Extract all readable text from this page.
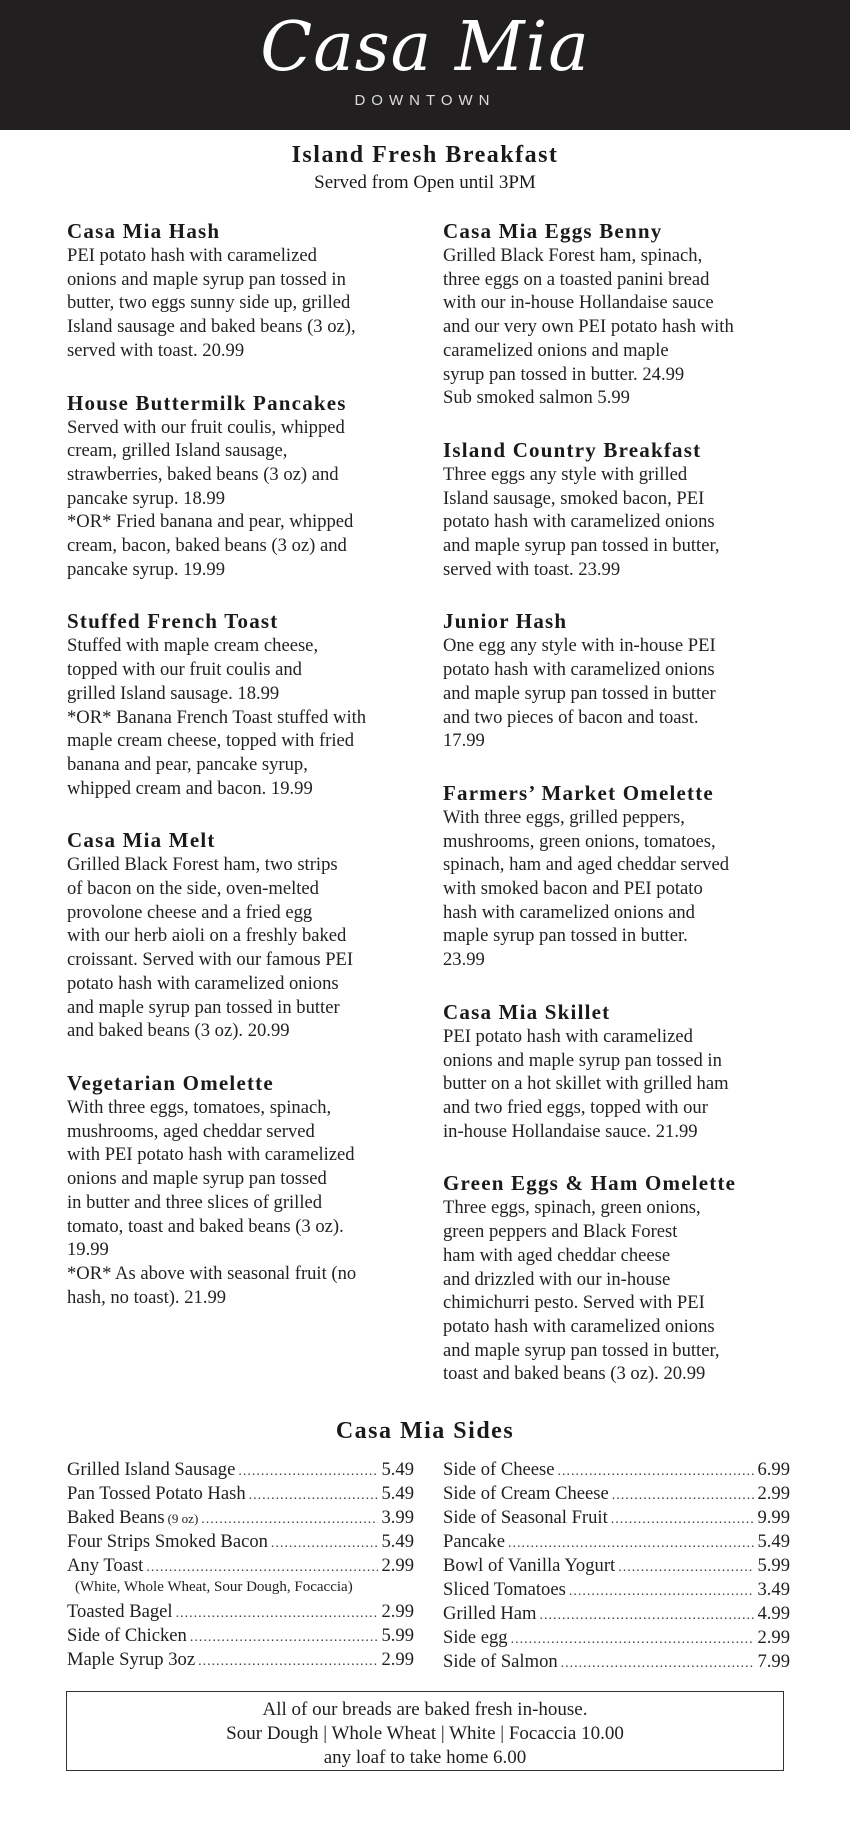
Casa Mia
DOWNTOWN
Island Fresh Breakfast
Served from Open until 3PM
Casa Mia Hash
PEI potato hash with caramelized
onions and maple syrup pan tossed in
butter, two eggs sunny side up, grilled
Island sausage and baked beans (3 oz),
served with toast. 20.99
House Buttermilk Pancakes
Served with our fruit coulis, whipped
cream, grilled Island sausage,
strawberries, baked beans (3 oz) and
pancake syrup. 18.99
*OR* Fried banana and pear, whipped
cream, bacon, baked beans (3 oz) and
pancake syrup. 19.99
Stuffed French Toast
Stuffed with maple cream cheese,
topped with our fruit coulis and
grilled Island sausage. 18.99
*OR* Banana French Toast stuffed with
maple cream cheese, topped with fried
banana and pear, pancake syrup,
whipped cream and bacon. 19.99
Casa Mia Melt
Grilled Black Forest ham, two strips
of bacon on the side, oven-melted
provolone cheese and a fried egg
with our herb aioli on a freshly baked
croissant. Served with our famous PEI
potato hash with caramelized onions
and maple syrup pan tossed in butter
and baked beans (3 oz). 20.99
Vegetarian Omelette
With three eggs, tomatoes, spinach,
mushrooms, aged cheddar served
with PEI potato hash with caramelized
onions and maple syrup pan tossed
in butter and three slices of grilled
tomato, toast and baked beans (3 oz).
19.99
*OR* As above with seasonal fruit (no
hash, no toast). 21.99
Casa Mia Eggs Benny
Grilled Black Forest ham, spinach,
three eggs on a toasted panini bread
with our in-house Hollandaise sauce
and our very own PEI potato hash with
caramelized onions and maple
syrup pan tossed in butter. 24.99
Sub smoked salmon 5.99
Island Country Breakfast
Three eggs any style with grilled
Island sausage, smoked bacon, PEI
potato hash with caramelized onions
and maple syrup pan tossed in butter,
served with toast. 23.99
Junior Hash
One egg any style with in-house PEI
potato hash with caramelized onions
and maple syrup pan tossed in butter
and two pieces of bacon and toast.
17.99
Farmers’ Market Omelette
With three eggs, grilled peppers,
mushrooms, green onions, tomatoes,
spinach, ham and aged cheddar served
with smoked bacon and PEI potato
hash with caramelized onions and
maple syrup pan tossed in butter.
23.99
Casa Mia Skillet
PEI potato hash with caramelized
onions and maple syrup pan tossed in
butter on a hot skillet with grilled ham
and two fried eggs, topped with our
in-house Hollandaise sauce. 21.99
Green Eggs & Ham Omelette
Three eggs, spinach, green onions,
green peppers and Black Forest
ham with aged cheddar cheese
and drizzled with our in-house
chimichurri pesto. Served with PEI
potato hash with caramelized onions
and maple syrup pan tossed in butter,
toast and baked beans (3 oz). 20.99
Casa Mia Sides
Grilled Island Sausage .....	5.49
Pan Tossed Potato Hash .....	5.49
Baked Beans (9 oz) .....	3.99
Four Strips Smoked Bacon .....	5.49
Any Toast .....	2.99
(White, Whole Wheat, Sour Dough, Focaccia)
Toasted Bagel .....	2.99
Side of Chicken .....	5.99
Maple Syrup 3oz .....	2.99
Side of Cheese .....	6.99
Side of Cream Cheese .....	2.99
Side of Seasonal Fruit .....	9.99
Pancake .....	5.49
Bowl of Vanilla Yogurt .....	5.99
Sliced Tomatoes .....	3.49
Grilled Ham .....	4.99
Side egg .....	2.99
Side of Salmon .....	7.99
All of our breads are baked fresh in-house.
Sour Dough | Whole Wheat | White | Focaccia 10.00
any loaf to take home 6.00
